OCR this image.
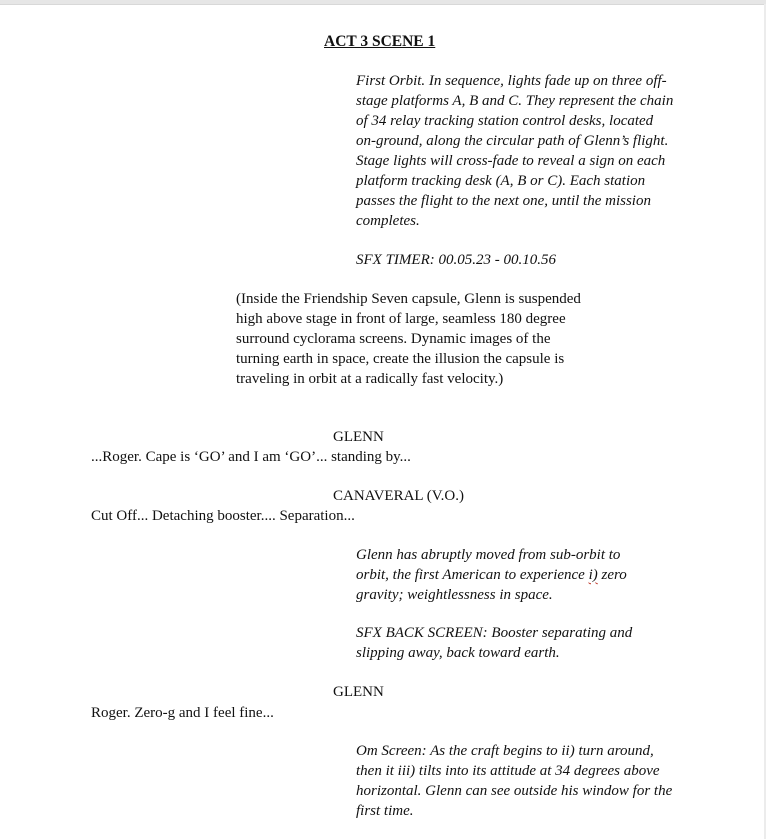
ACT 3 SCENE 1

First Orbit. In sequence, lights fade up on three off-stage platforms A, B and C. They represent the chain of 34 relay tracking station control desks, located on-ground, along the circular path of Glenn’s flight. Stage lights will cross-fade to reveal a sign on each platform tracking desk (A, B or C). Each station passes the flight to the next one, until the mission completes.

SFX TIMER: 00.05.23 - 00.10.56

(Inside the Friendship Seven capsule, Glenn is suspended high above stage in front of large, seamless 180 degree surround cyclorama screens. Dynamic images of the turning earth in space, create the illusion the capsule is traveling in orbit at a radically fast velocity.)

GLENN

...Roger. Cape is ‘GO’ and I am ‘GO’... standing by...

CANAVERAL (V.O.)

Cut Off... Detaching booster.... Separation...

Glenn has abruptly moved from sub-orbit to orbit, the first American to experience i) zero gravity; weightlessness in space.

SFX BACK SCREEN: Booster separating and slipping away, back toward earth.

GLENN

Roger. Zero-g and I feel fine...

Om Screen: As the craft begins to ii) turn around, then it iii) tilts into its attitude at 34 degrees above horizontal. Glenn can see outside his window for the first time.
